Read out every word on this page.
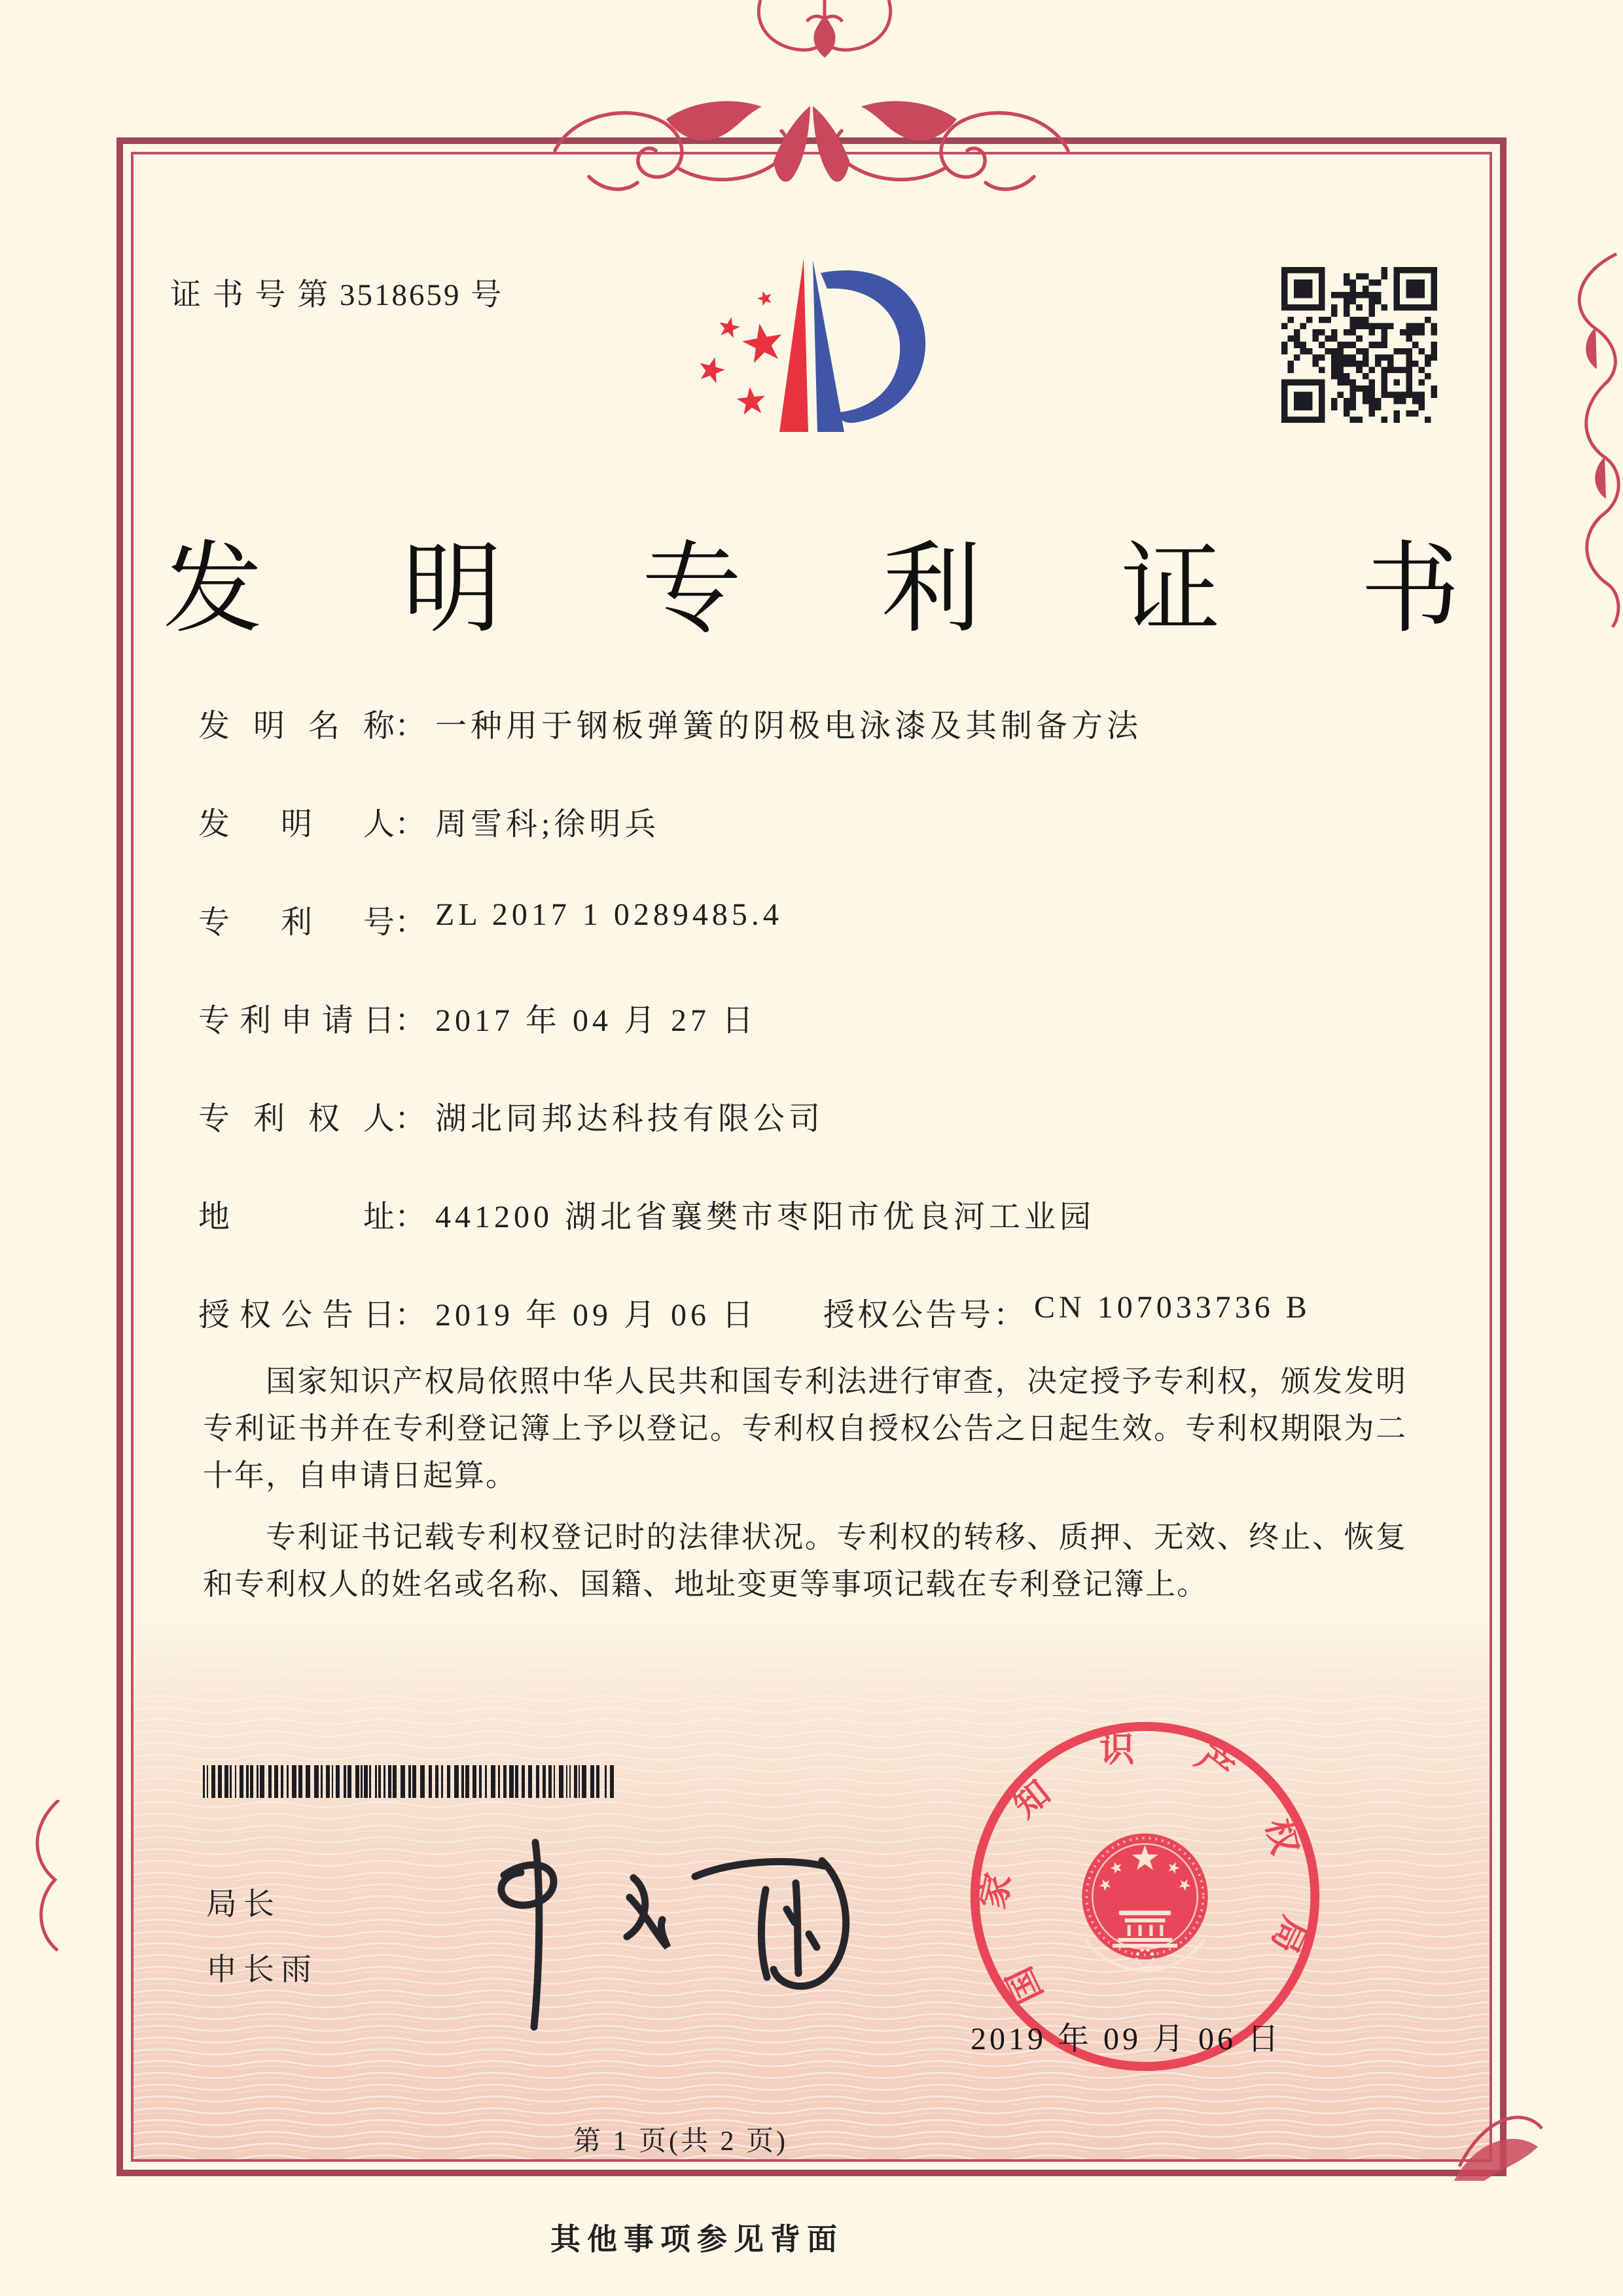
证 书 号 第 3518659 号
发 明 专 利 证 书
发 明 名 称 ： 一种用于钢板弹簧的阴极电泳漆及其制备方法
发 明 人 ： 周雪科;徐明兵
专 利 号 ： ZL 2017 1 0289485.4
专 利 申 请 日 ： 2017 年 04 月 27 日
专 利 权 人 ： 湖北同邦达科技有限公司
地	址 ： 441200 湖北省襄樊市枣阳市优良河工业园
授 权 公 告 日 ： 2019 年 09 月 06 日 授权公告号 ： CN 107033736 B

国家知识产权局依照中华人民共和国专利法进行审查，决定授予专利权，颁发发明专利证书并在专利登记簿上予以登记。专利权自授权公告之日起生效。专利权期限为二十年，自申请日起算。

专利证书记载专利权登记时的法律状况。专利权的转移、质押、无效、终止、恢复和专利权人的姓名或名称、国籍、地址变更等事项记载在专利登记簿上。

局长
申长雨	国家知识产权局
2019 年 09 月 06 日
第 1 页(共 2 页)
其他事项参见背面
